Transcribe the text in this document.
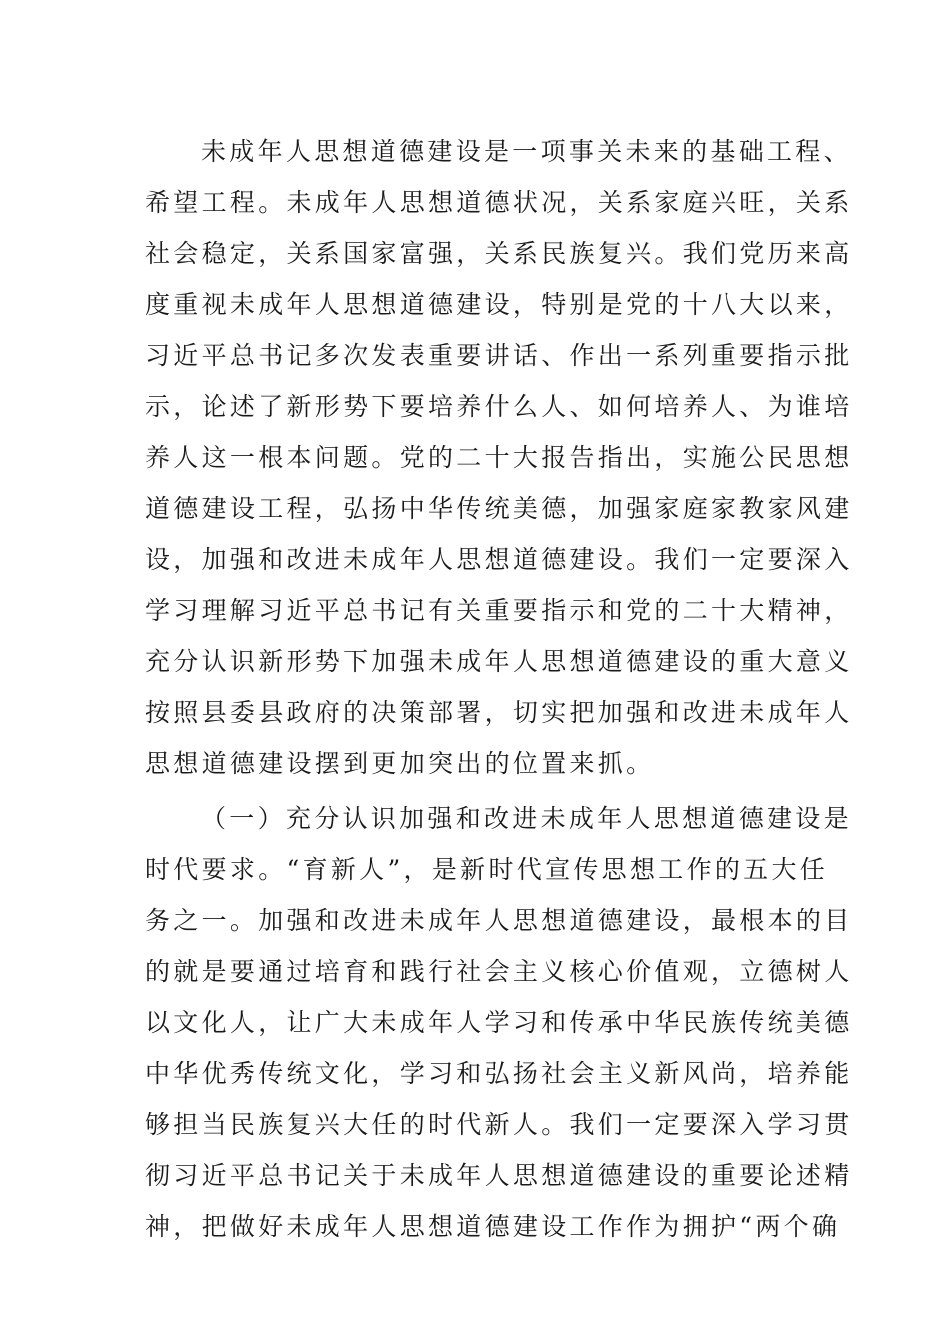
未成年人思想道德建设是一项事关未来的基础工程、
希望工程。未成年人思想道德状况，关系家庭兴旺，关系
社会稳定，关系国家富强，关系民族复兴。我们党历来高
度重视未成年人思想道德建设，特别是党的十八大以来，
习近平总书记多次发表重要讲话、作出一系列重要指示批
示，论述了新形势下要培养什么人、如何培养人、为谁培
养人这一根本问题。党的二十大报告指出，实施公民思想
道德建设工程，弘扬中华传统美德，加强家庭家教家风建
设，加强和改进未成年人思想道德建设。我们一定要深入
学习理解习近平总书记有关重要指示和党的二十大精神，
充分认识新形势下加强未成年人思想道德建设的重大意义
按照县委县政府的决策部署，切实把加强和改进未成年人
思想道德建设摆到更加突出的位置来抓。
（一）充分认识加强和改进未成年人思想道德建设是
时代要求。“育新人”，是新时代宣传思想工作的五大任
务之一。加强和改进未成年人思想道德建设，最根本的目
的就是要通过培育和践行社会主义核心价值观，立德树人
以文化人，让广大未成年人学习和传承中华民族传统美德
中华优秀传统文化，学习和弘扬社会主义新风尚，培养能
够担当民族复兴大任的时代新人。我们一定要深入学习贯
彻习近平总书记关于未成年人思想道德建设的重要论述精
神，把做好未成年人思想道德建设工作作为拥护“两个确
